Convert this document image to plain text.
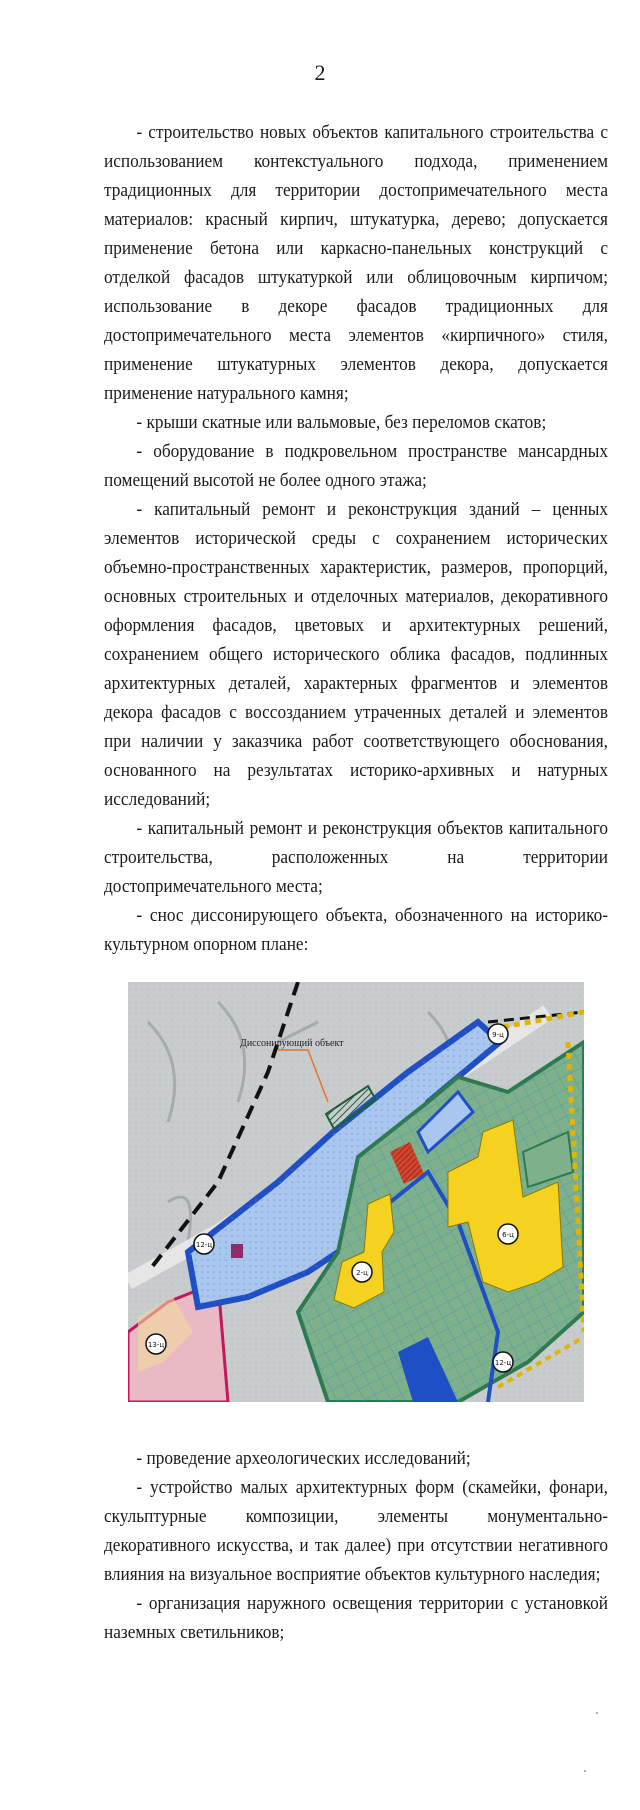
2

- строительство новых объектов капитального строительства с использованием контекстуального подхода, применением традиционных для территории достопримечательного места материалов: красный кирпич, штукатурка, дерево; допускается применение бетона или каркасно-панельных конструкций с отделкой фасадов штукатуркой или облицовочным кирпичом; использование в декоре фасадов традиционных для достопримечательного места элементов «кирпичного» стиля, применение штукатурных элементов декора, допускается применение натурального камня;

- крыши скатные или вальмовые, без переломов скатов;

- оборудование в подкровельном пространстве мансардных помещений высотой не более одного этажа;

- капитальный ремонт и реконструкция зданий – ценных элементов исторической среды с сохранением исторических объемно-пространственных характеристик, размеров, пропорций, основных строительных и отделочных материалов, декоративного оформления фасадов, цветовых и архитектурных решений, сохранением общего исторического облика фасадов, подлинных архитектурных деталей, характерных фрагментов и элементов декора фасадов с воссозданием утраченных деталей и элементов при наличии у заказчика работ соответствующего обоснования, основанного на результатах историко-архивных и натурных исследований;

- капитальный ремонт и реконструкция объектов капитального строительства, расположенных на территории достопримечательного места;

- снос диссонирующего объекта, обозначенного на историко-культурном опорном плане:

Диссонирующий объект
9-ц
12-ц
13-ц
2-ц
6-ц
12-ц

- проведение археологических исследований;

- устройство малых архитектурных форм (скамейки, фонари, скульптурные композиции, элементы монументально-декоративного искусства, и так далее) при отсутствии негативного влияния на визуальное восприятие объектов культурного наследия;

- организация наружного освещения территории с установкой наземных светильников;
